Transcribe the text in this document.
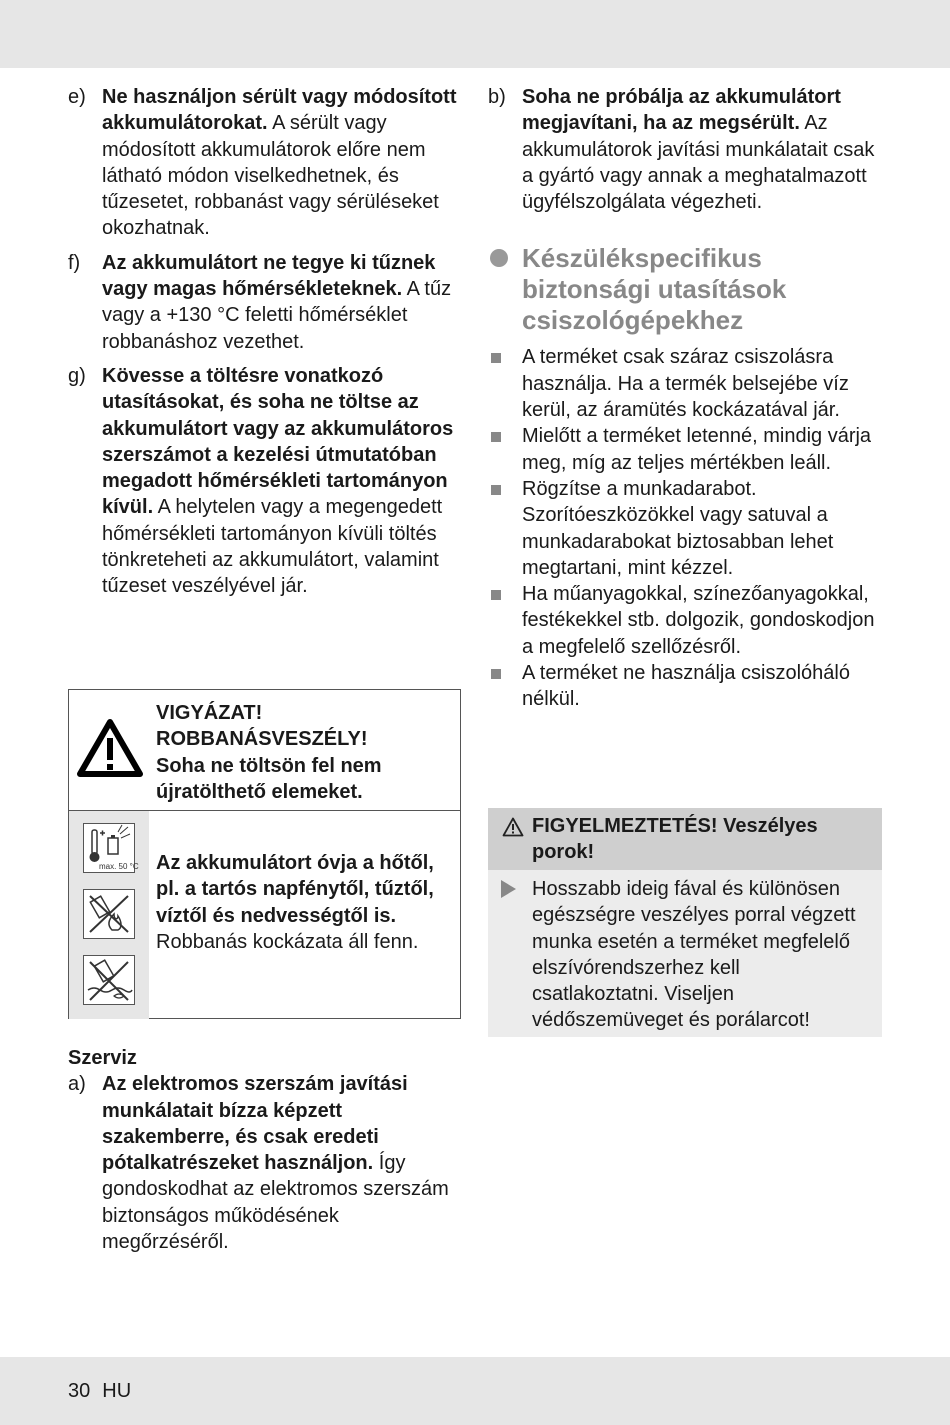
e) Ne használjon sérült vagy módosított akkumulátorokat. A sérült vagy módosított akkumulátorok előre nem látható módon viselkedhetnek, és tűzesetet, robbanást vagy sérüléseket okozhatnak.
f) Az akkumulátort ne tegye ki tűznek vagy magas hőmérsékleteknek. A tűz vagy a +130 °C feletti hőmérséklet robbanáshoz vezethet.
g) Kövesse a töltésre vonatkozó utasításokat, és soha ne töltse az akkumulátort vagy az akkumulátoros szerszámot a kezelési útmutatóban megadott hőmérsékleti tartományon kívül. A helytelen vagy a megengedett hőmérsékleti tartományon kívüli töltés tönkreteheti az akkumulátort, valamint tűzeset veszélyével jár.
VIGYÁZAT!
ROBBANÁSVESZÉLY!
Soha ne töltsön fel nem
újratölthető elemeket.
max. 50 °C Az akkumulátort óvja a hőtől, pl. a tartós napfénytől, tűztől, víztől és nedvességtől is. Robbanás kockázata áll fenn.
Szerviz
a) Az elektromos szerszám javítási munkálatait bízza képzett szakemberre, és csak eredeti pótalkatrészeket használjon. Így gondoskodhat az elektromos szerszám biztonságos működésének megőrzéséről.
b) Soha ne próbálja az akkumulátort megjavítani, ha az megsérült. Az akkumulátorok javítási munkálatait csak a gyártó vagy annak a meghatalmazott ügyfélszolgálata végezheti.
Készülékspecifikus biztonsági utasítások csiszológépekhez
A terméket csak száraz csiszolásra használja. Ha a termék belsejébe víz kerül, az áramütés kockázatával jár.
Mielőtt a terméket letenné, mindig várja meg, míg az teljes mértékben leáll.
Rögzítse a munkadarabot. Szorítóeszközökkel vagy satuval a munkadarabokat biztosabban lehet megtartani, mint kézzel.
Ha műanyagokkal, színezőanyagokkal, festékekkel stb. dolgozik, gondoskodjon a megfelelő szellőzésről.
A terméket ne használja csiszolóháló nélkül.
FIGYELMEZTETÉS! Veszélyes porok!
Hosszabb ideig fával és különösen egészségre veszélyes porral végzett munka esetén a terméket megfelelő elszívórendszerhez kell csatlakoztatni. Viseljen védőszemüveget és porálarcot!
30 HU
